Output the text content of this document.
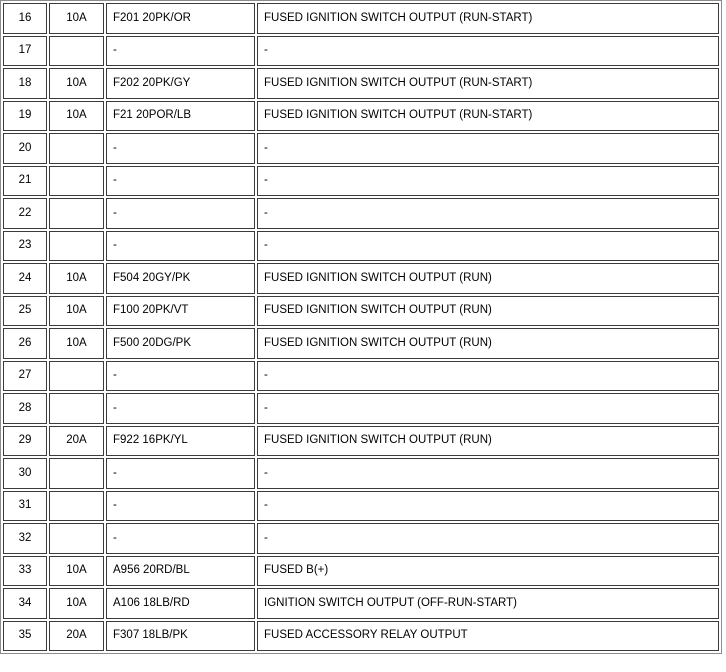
16	10A	F201 20PK/OR	FUSED IGNITION SWITCH OUTPUT (RUN-START)
17		-	-
18	10A	F202 20PK/GY	FUSED IGNITION SWITCH OUTPUT (RUN-START)
19	10A	F21 20POR/LB	FUSED IGNITION SWITCH OUTPUT (RUN-START)
20		-	-
21		-	-
22		-	-
23		-	-
24	10A	F504 20GY/PK	FUSED IGNITION SWITCH OUTPUT (RUN)
25	10A	F100 20PK/VT	FUSED IGNITION SWITCH OUTPUT (RUN)
26	10A	F500 20DG/PK	FUSED IGNITION SWITCH OUTPUT (RUN)
27		-	-
28		-	-
29	20A	F922 16PK/YL	FUSED IGNITION SWITCH OUTPUT (RUN)
30		-	-
31		-	-
32		-	-
33	10A	A956 20RD/BL	FUSED B(+)
34	10A	A106 18LB/RD	IGNITION SWITCH OUTPUT (OFF-RUN-START)
35	20A	F307 18LB/PK	FUSED ACCESSORY RELAY OUTPUT
